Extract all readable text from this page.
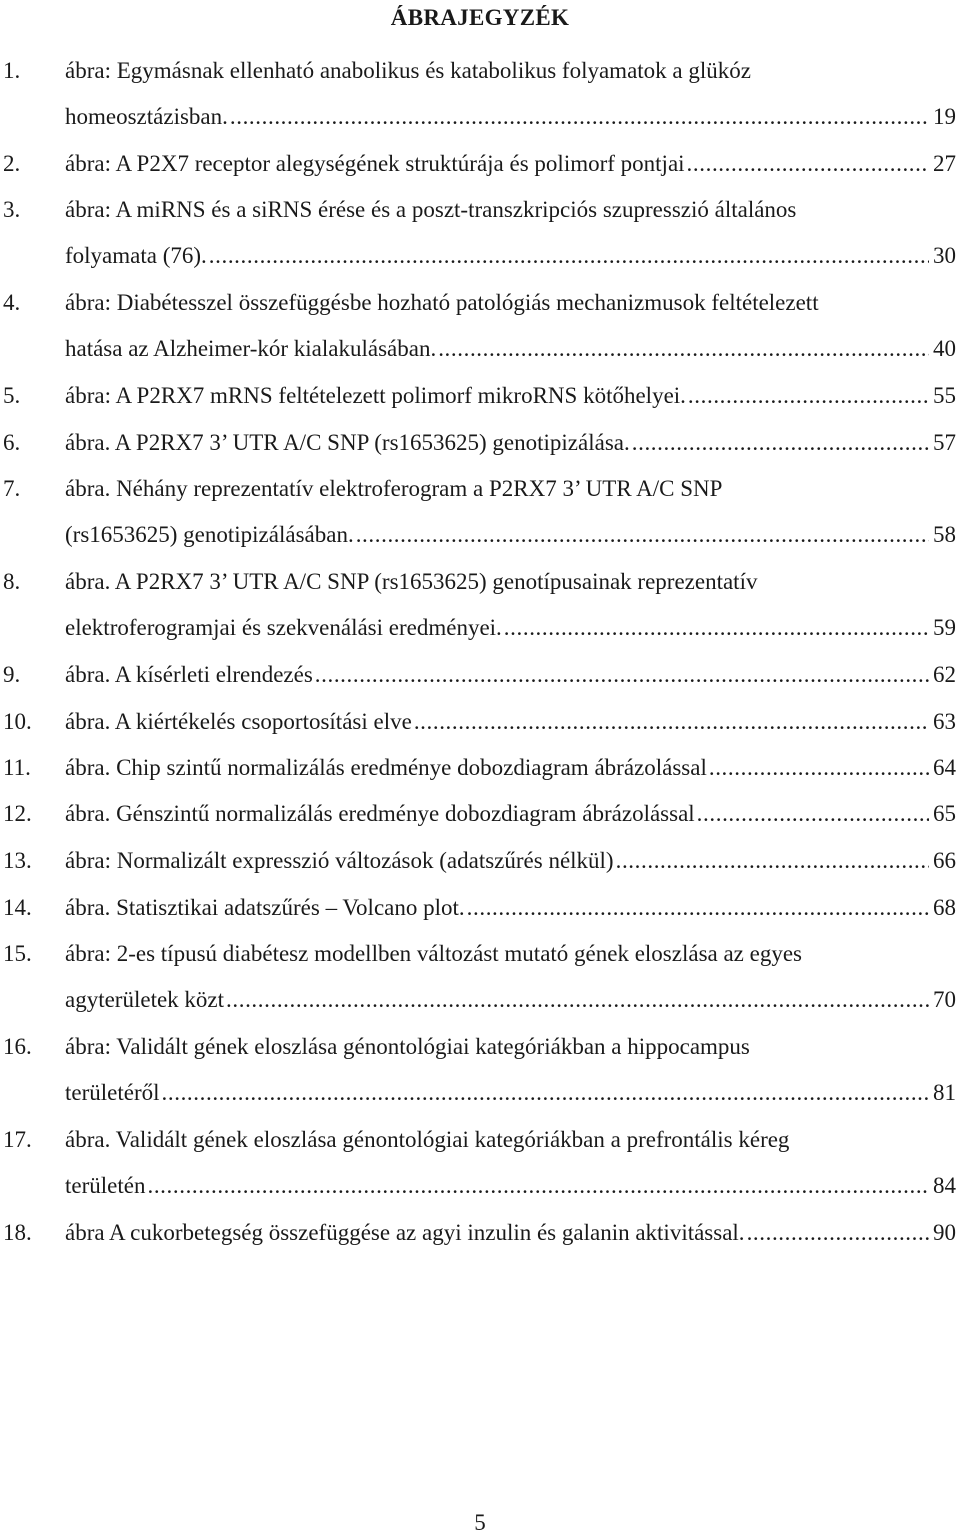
ÁBRAJEGYZÉK
1. ábra: Egymásnak ellenható anabolikus és katabolikus folyamatok a glükóz
homeosztázisban. .....	19
2. ábra: A P2X7 receptor alegységének struktúrája és polimorf pontjai .....	27
3. ábra: A miRNS és a siRNS érése és a poszt-transzkripciós szupresszió általános
folyamata (76). .....	30
4. ábra: Diabétesszel összefüggésbe hozható patológiás mechanizmusok feltételezett
hatása az Alzheimer-kór kialakulásában. .....	40
5. ábra: A P2RX7 mRNS feltételezett polimorf mikroRNS kötőhelyei. .....	55
6. ábra. A P2RX7 3’ UTR A/C SNP (rs1653625) genotipizálása. .....	57
7. ábra. Néhány reprezentatív elektroferogram a P2RX7 3’ UTR A/C SNP
(rs1653625) genotipizálásában. .....	58
8. ábra. A P2RX7 3’ UTR A/C SNP (rs1653625) genotípusainak reprezentatív
elektroferogramjai és szekvenálási eredményei. .....	59
9. ábra. A kísérleti elrendezés .....	62
10. ábra. A kiértékelés csoportosítási elve .....	63
11. ábra. Chip szintű normalizálás eredménye dobozdiagram ábrázolással .....	64
12. ábra. Génszintű normalizálás eredménye dobozdiagram ábrázolással .....	65
13. ábra: Normalizált expresszió változások (adatszűrés nélkül) .....	66
14. ábra. Statisztikai adatszűrés – Volcano plot. .....	68
15. ábra: 2-es típusú diabétesz modellben változást mutató gének eloszlása az egyes
agyterületek közt .....	70
16. ábra: Validált gének eloszlása génontológiai kategóriákban a hippocampus
területéről .....	81
17. ábra. Validált gének eloszlása génontológiai kategóriákban a prefrontális kéreg
területén .....	84
18. ábra A cukorbetegség összefüggése az agyi inzulin és galanin aktivitással. .....	90
5
